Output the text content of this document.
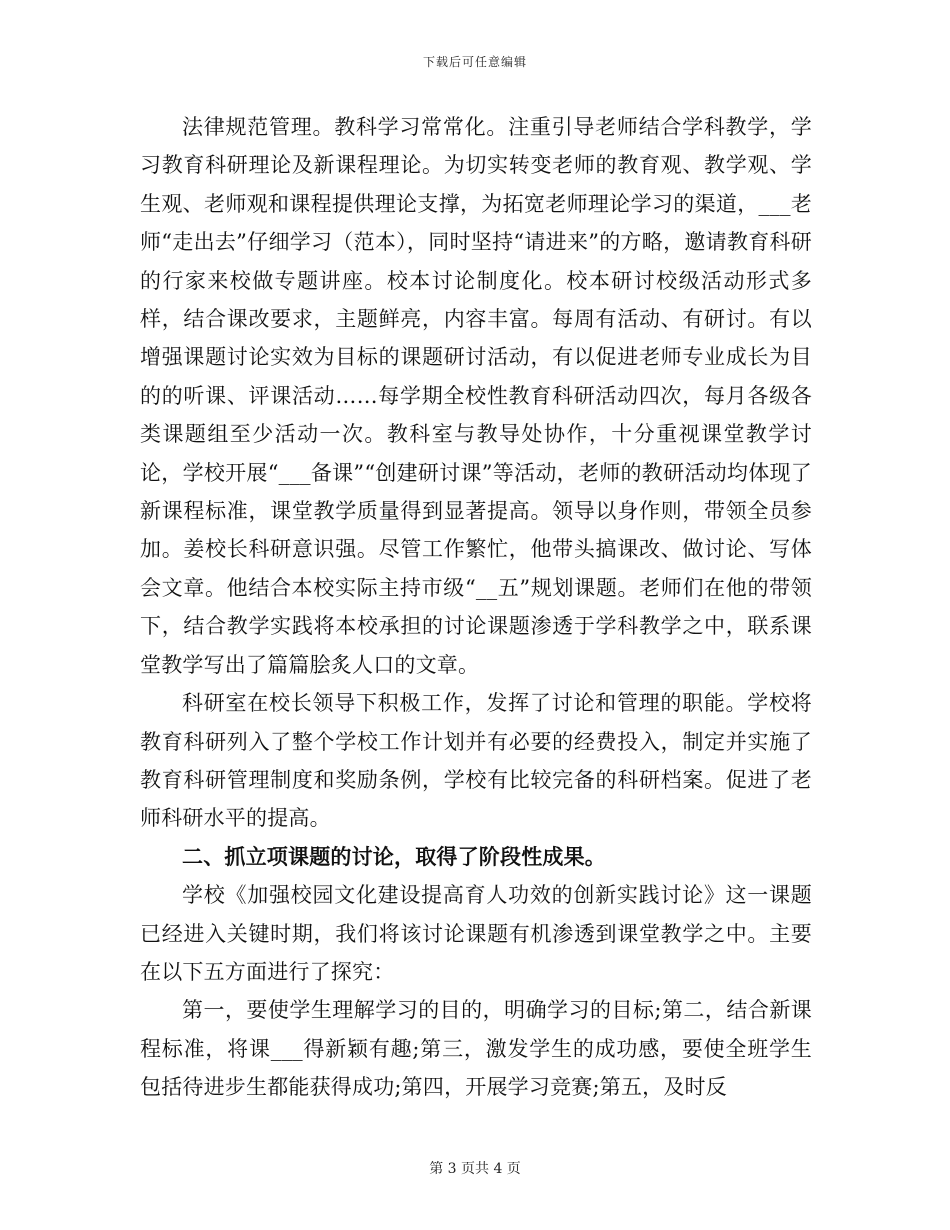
下载后可任意编辑

法律规范管理。教科学习常常化。注重引导老师结合学科教学，学习教育科研理论及新课程理论。为切实转变老师的教育观、教学观、学生观、老师观和课程提供理论支撑，为拓宽老师理论学习的渠道，___老师“走出去”仔细学习（范本），同时坚持“请进来”的方略，邀请教育科研的行家来校做专题讲座。校本讨论制度化。校本研讨校级活动形式多样，结合课改要求，主题鲜亮，内容丰富。每周有活动、有研讨。有以增强课题讨论实效为目标的课题研讨活动，有以促进老师专业成长为目的的听课、评课活动……每学期全校性教育科研活动四次，每月各级各类课题组至少活动一次。教科室与教导处协作，十分重视课堂教学讨论，学校开展“___备课”“创建研讨课”等活动，老师的教研活动均体现了新课程标准，课堂教学质量得到显著提高。领导以身作则，带领全员参加。姜校长科研意识强。尽管工作繁忙，他带头搞课改、做讨论、写体会文章。他结合本校实际主持市级“__五”规划课题。老师们在他的带领下，结合教学实践将本校承担的讨论课题渗透于学科教学之中，联系课堂教学写出了篇篇脍炙人口的文章。

科研室在校长领导下积极工作，发挥了讨论和管理的职能。学校将教育科研列入了整个学校工作计划并有必要的经费投入，制定并实施了教育科研管理制度和奖励条例，学校有比较完备的科研档案。促进了老师科研水平的提高。

二、抓立项课题的讨论，取得了阶段性成果。

学校《加强校园文化建设提高育人功效的创新实践讨论》这一课题已经进入关键时期，我们将该讨论课题有机渗透到课堂教学之中。主要在以下五方面进行了探究：

第一，要使学生理解学习的目的，明确学习的目标;第二，结合新课程标准，将课___得新颖有趣;第三，激发学生的成功感，要使全班学生包括待进步生都能获得成功;第四，开展学习竞赛;第五，及时反

第 3 页共 4 页
